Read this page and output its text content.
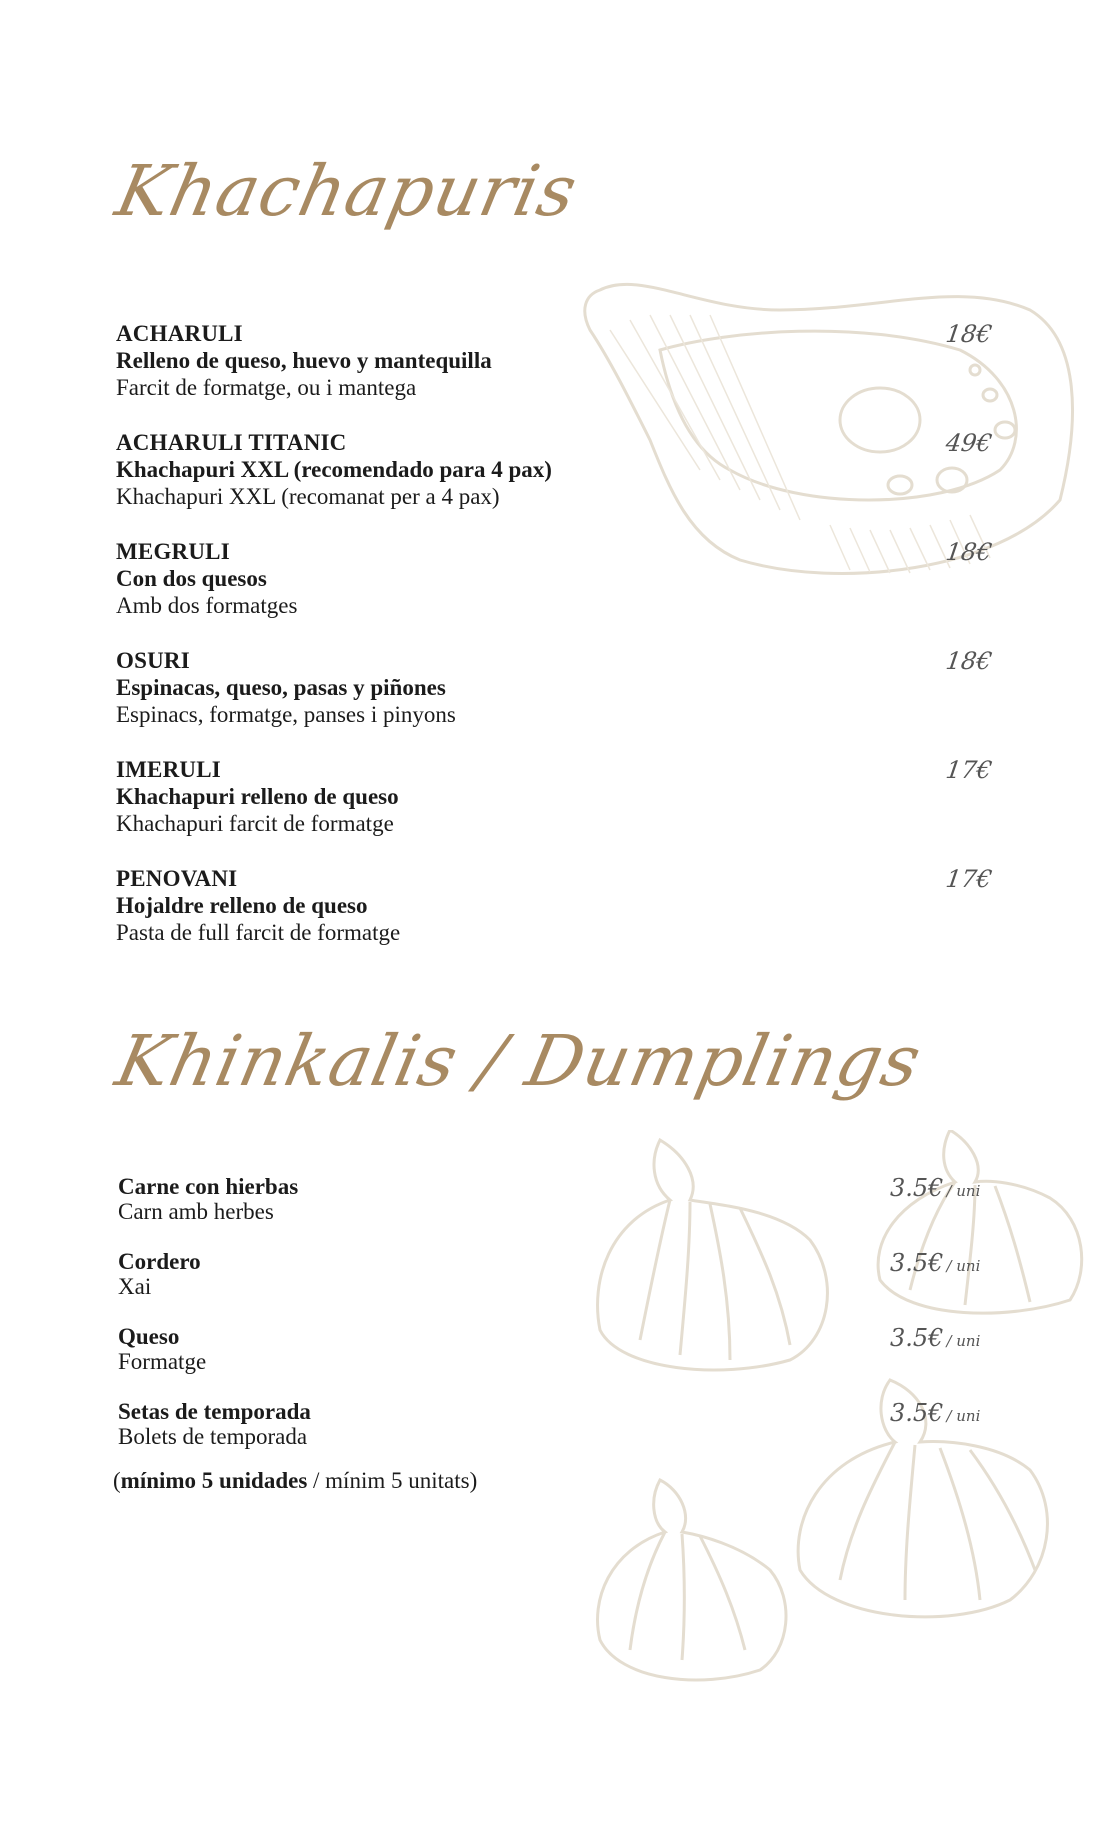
Khachapuris
ACHARULI
Relleno de queso, huevo y mantequilla
Farcit de formatge, ou i mantega
18€
ACHARULI TITANIC
Khachapuri XXL (recomendado para 4 pax)
Khachapuri XXL (recomanat per a 4 pax)
49€
MEGRULI
Con dos quesos
Amb dos formatges
18€
OSURI
Espinacas, queso, pasas y piñones
Espinacs, formatge, panses i pinyons
18€
IMERULI
Khachapuri relleno de queso
Khachapuri farcit de formatge
17€
PENOVANI
Hojaldre relleno de queso
Pasta de full farcit de formatge
17€
Khinkalis / Dumplings
Carne con hierbas
Carn amb herbes
3.5€ / uni
Cordero
Xai
3.5€ / uni
Queso
Formatge
3.5€ / uni
Setas de temporada
Bolets de temporada
3.5€ / uni
(mínimo 5 unidades / mínim 5 unitats)
